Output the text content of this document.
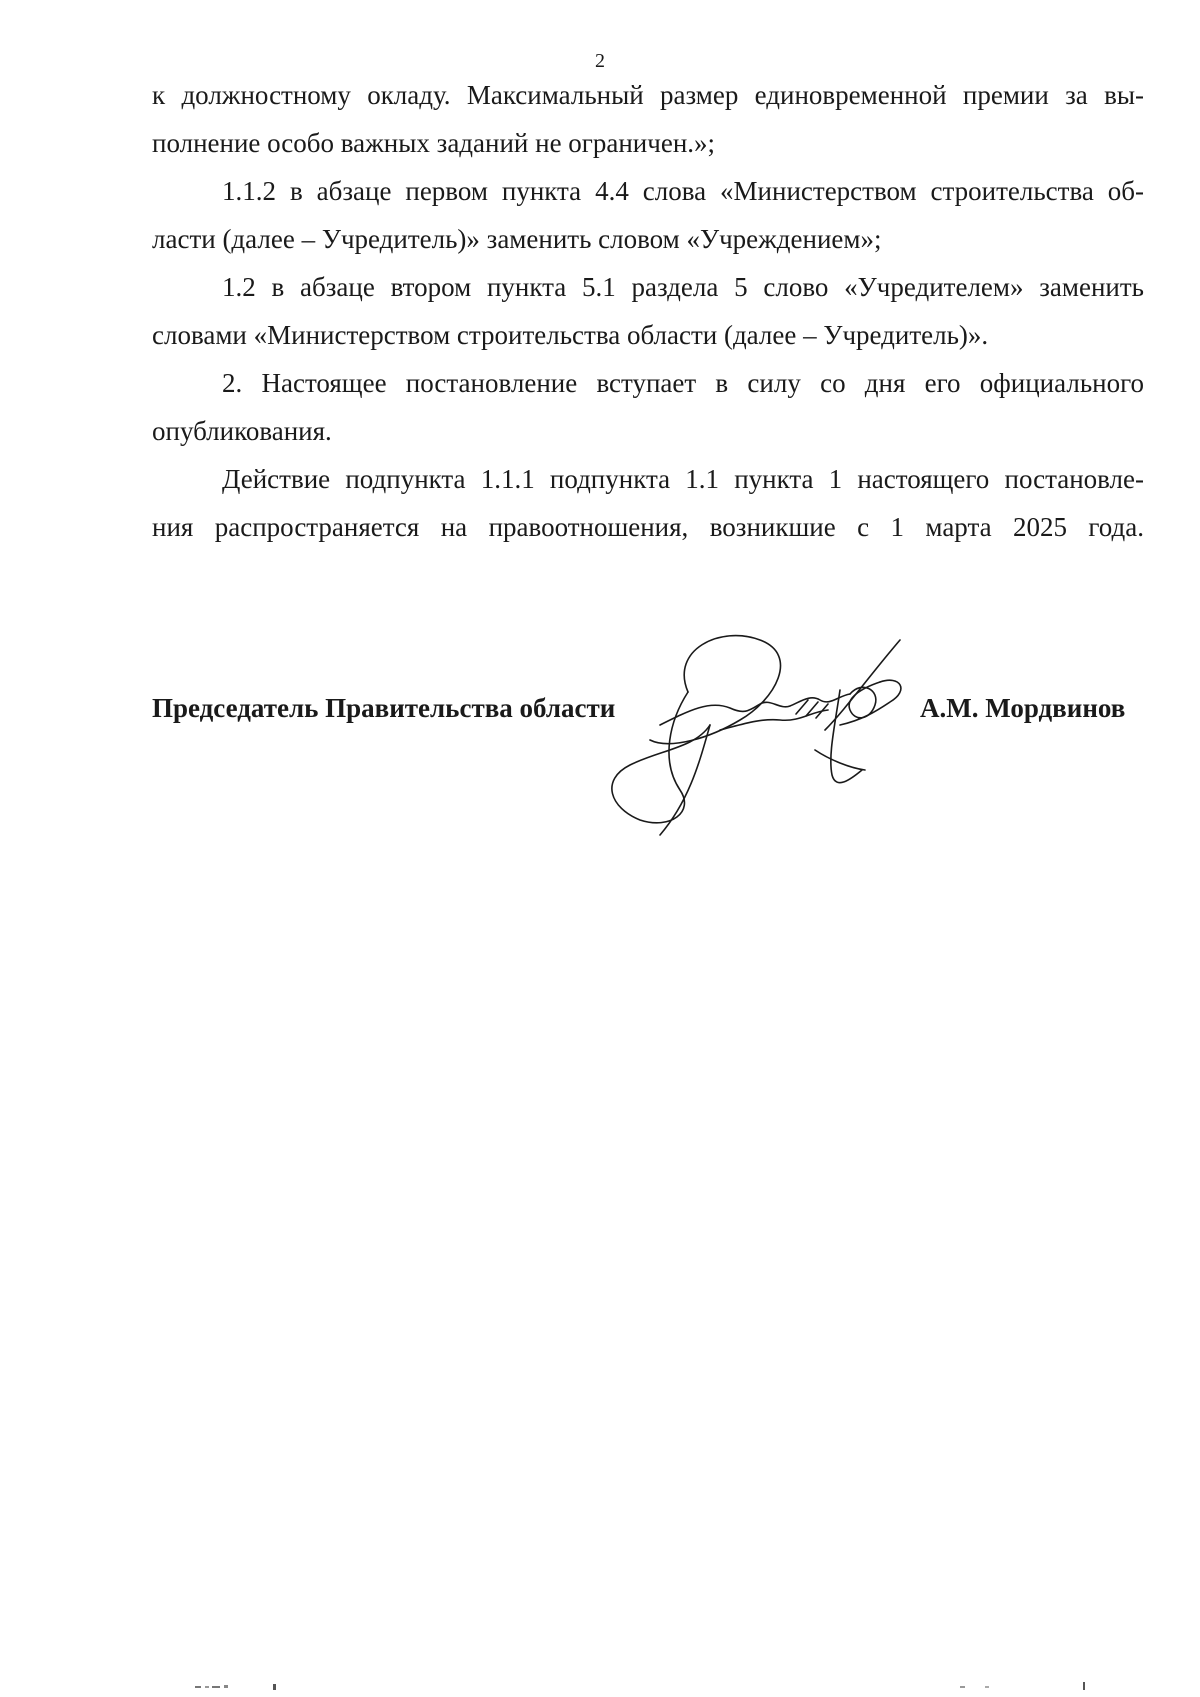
2
к должностному окладу. Максимальный размер единовременной премии за вы-
полнение особо важных заданий не ограничен.»;
1.1.2 в абзаце первом пункта 4.4 слова «Министерством строительства об-
ласти (далее – Учредитель)» заменить словом «Учреждением»;
1.2 в абзаце втором пункта 5.1 раздела 5 слово «Учредителем» заменить
словами «Министерством строительства области (далее – Учредитель)».
2. Настоящее постановление вступает в силу со дня его официального
опубликования.
Действие подпункта 1.1.1 подпункта 1.1 пункта 1 настоящего постановле-
ния распространяется на правоотношения, возникшие с 1 марта 2025 года.
Председатель Правительства области	А.М. Мордвинов
